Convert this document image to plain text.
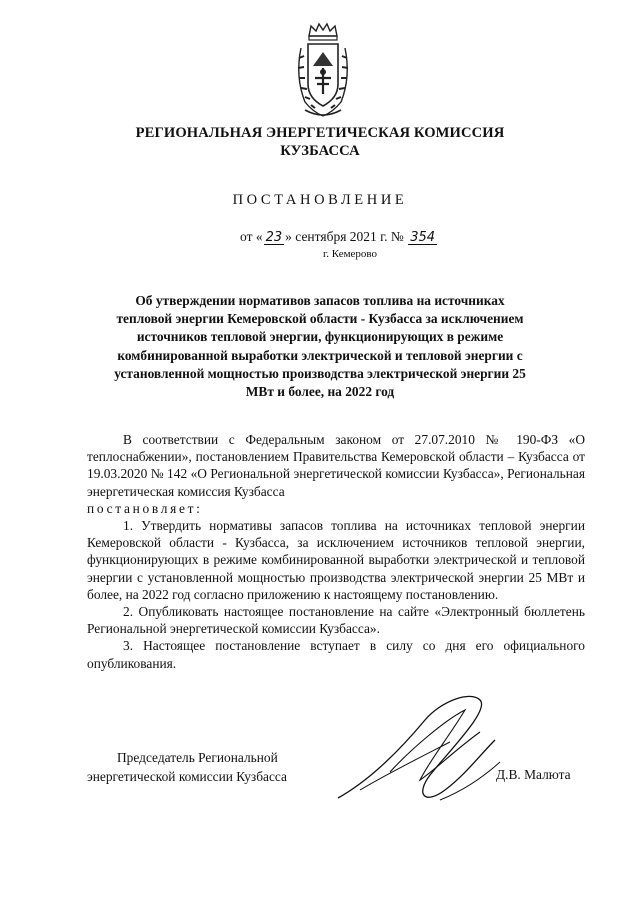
РЕГИОНАЛЬНАЯ ЭНЕРГЕТИЧЕСКАЯ КОМИССИЯ
КУЗБАССА
ПОСТАНОВЛЕНИЕ
от « 23 » сентября 2021 г. № 354
г. Кемерово
Об утверждении нормативов запасов топлива на источниках
тепловой энергии Кемеровской области - Кузбасса за исключением
источников тепловой энергии, функционирующих в режиме
комбинированной выработки электрической и тепловой энергии с
установленной мощностью производства электрической энергии 25
МВт и более, на 2022 год

В соответствии с Федеральным законом от 27.07.2010 № 190-ФЗ «О теплоснабжении», постановлением Правительства Кемеровской области – Кузбасса от 19.03.2020 № 142 «О Региональной энергетической комиссии Кузбасса», Региональная энергетическая комиссия Кузбасса

постановляет:

1. Утвердить нормативы запасов топлива на источниках тепловой энергии Кемеровской области - Кузбасса, за исключением источников тепловой энергии, функционирующих в режиме комбинированной выработки электрической и тепловой энергии с установленной мощностью производства электрической энергии 25 МВт и более, на 2022 год согласно приложению к настоящему постановлению.

2. Опубликовать настоящее постановление на сайте «Электронный бюллетень Региональной энергетической комиссии Кузбасса».

3. Настоящее постановление вступает в силу со дня его официального опубликования.

Председатель Региональной
энергетической комиссии Кузбасса	Д.В. Малюта
